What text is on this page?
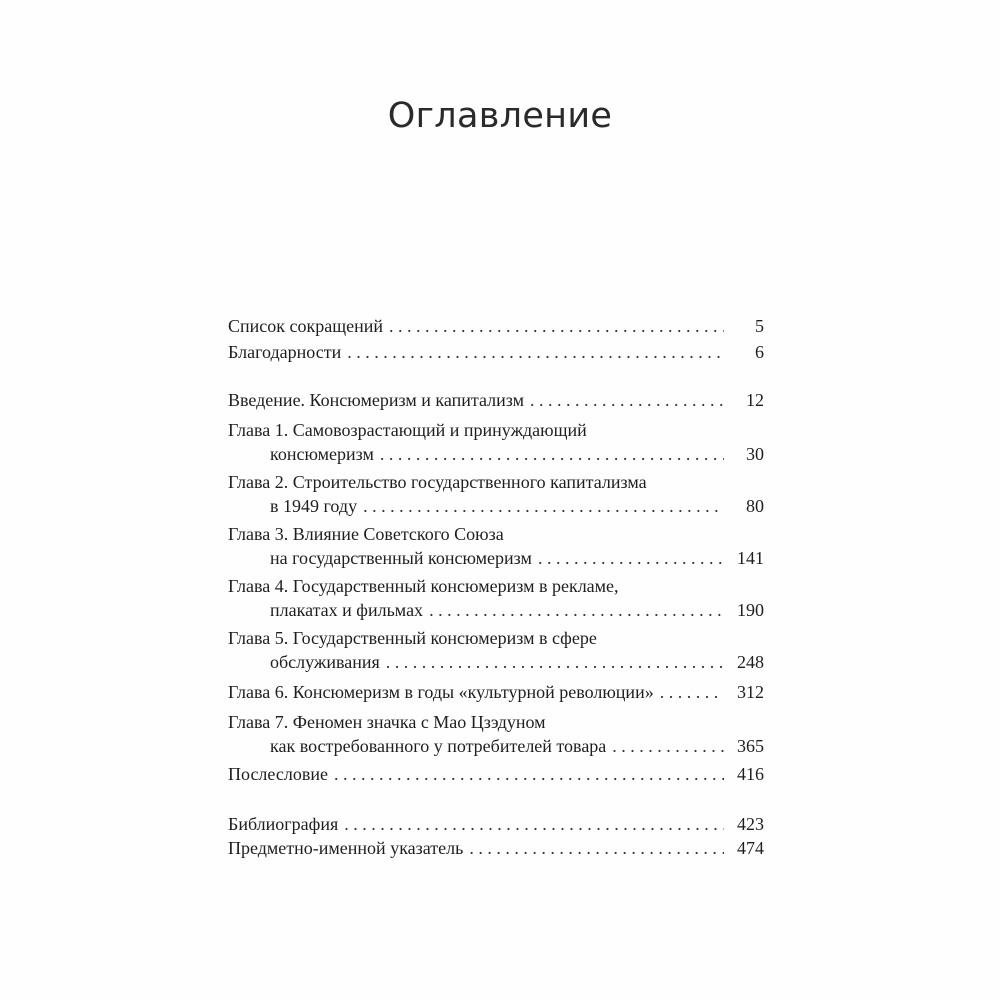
Оглавление
Список сокращений . . .	5
Благодарности . . .	6
Введение. Консюмеризм и капитализм . . .	12
Глава 1. Самовозрастающий и принуждающий
консюмеризм . . .	30
Глава 2. Строительство государственного капитализма
в 1949 году . . .	80
Глава 3. Влияние Советского Союза
на государственный консюмеризм . . .	141
Глава 4. Государственный консюмеризм в рекламе,
плакатах и фильмах . . .	190
Глава 5. Государственный консюмеризм в сфере
обслуживания . . .	248
Глава 6. Консюмеризм в годы «культурной революции» . . .	312
Глава 7. Феномен значка с Мао Цзэдуном
как востребованного у потребителей товара . . .	365
Послесловие . . .	416
Библиография . . .	423
Предметно-именной указатель . . .	474
